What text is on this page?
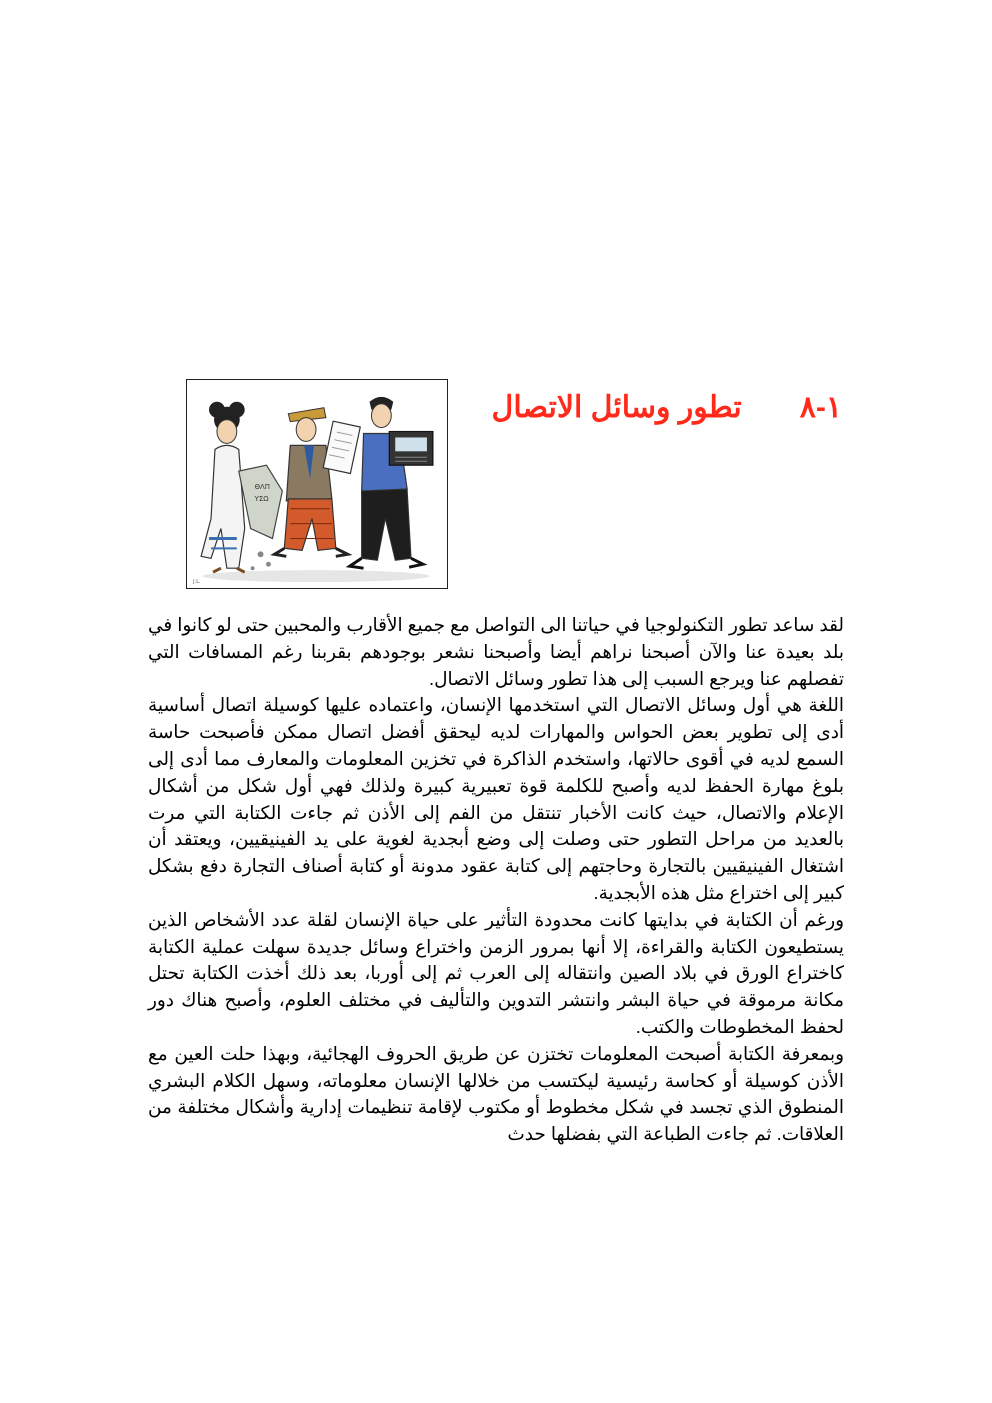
ΘΛΠ
ΥΣΩ
J.L.
١-٨
تطور وسائل الاتصال

لقد ساعد تطور التكنولوجيا في حياتنا الى التواصل مع جميع الأقارب والمحبين حتى لو كانوا في بلد بعيدة عنا والآن أصبحنا نراهم أيضا وأصبحنا نشعر بوجودهم بقربنا رغم المسافات التي تفصلهم عنا ويرجع السبب إلى هذا تطور وسائل الاتصال.

اللغة هي أول وسائل الاتصال التي استخدمها الإنسان، واعتماده عليها كوسيلة اتصال أساسية أدى إلى تطوير بعض الحواس والمهارات لديه ليحقق أفضل اتصال ممكن فأصبحت حاسة السمع لديه في أقوى حالاتها، واستخدم الذاكرة في تخزين المعلومات والمعارف مما أدى إلى بلوغ مهارة الحفظ لديه وأصبح للكلمة قوة تعبيرية كبيرة ولذلك فهي أول شكل من أشكال الإعلام والاتصال، حيث كانت الأخبار تنتقل من الفم إلى الأذن ثم جاءت الكتابة التي مرت بالعديد من مراحل التطور حتى وصلت إلى وضع أبجدية لغوية على يد الفينيقيين، ويعتقد أن اشتغال الفينيقيين بالتجارة وحاجتهم إلى كتابة عقود مدونة أو كتابة أصناف التجارة دفع بشكل كبير إلى اختراع مثل هذه الأبجدية.

ورغم أن الكتابة في بدايتها كانت محدودة التأثير على حياة الإنسان لقلة عدد الأشخاص الذين يستطيعون الكتابة والقراءة، إلا أنها بمرور الزمن واختراع وسائل جديدة سهلت عملية الكتابة كاختراع الورق في بلاد الصين وانتقاله إلى العرب ثم إلى أوربا، بعد ذلك أخذت الكتابة تحتل مكانة مرموقة في حياة البشر وانتشر التدوين والتأليف في مختلف العلوم، وأصبح هناك دور لحفظ المخطوطات والكتب.

وبمعرفة الكتابة أصبحت المعلومات تختزن عن طريق الحروف الهجائية، وبهذا حلت العين مع الأذن كوسيلة أو كحاسة رئيسية ليكتسب من خلالها الإنسان معلوماته، وسهل الكلام البشري المنطوق الذي تجسد في شكل مخطوط أو مكتوب لإقامة تنظيمات إدارية وأشكال مختلفة من العلاقات. ثم جاءت الطباعة التي بفضلها حدث
